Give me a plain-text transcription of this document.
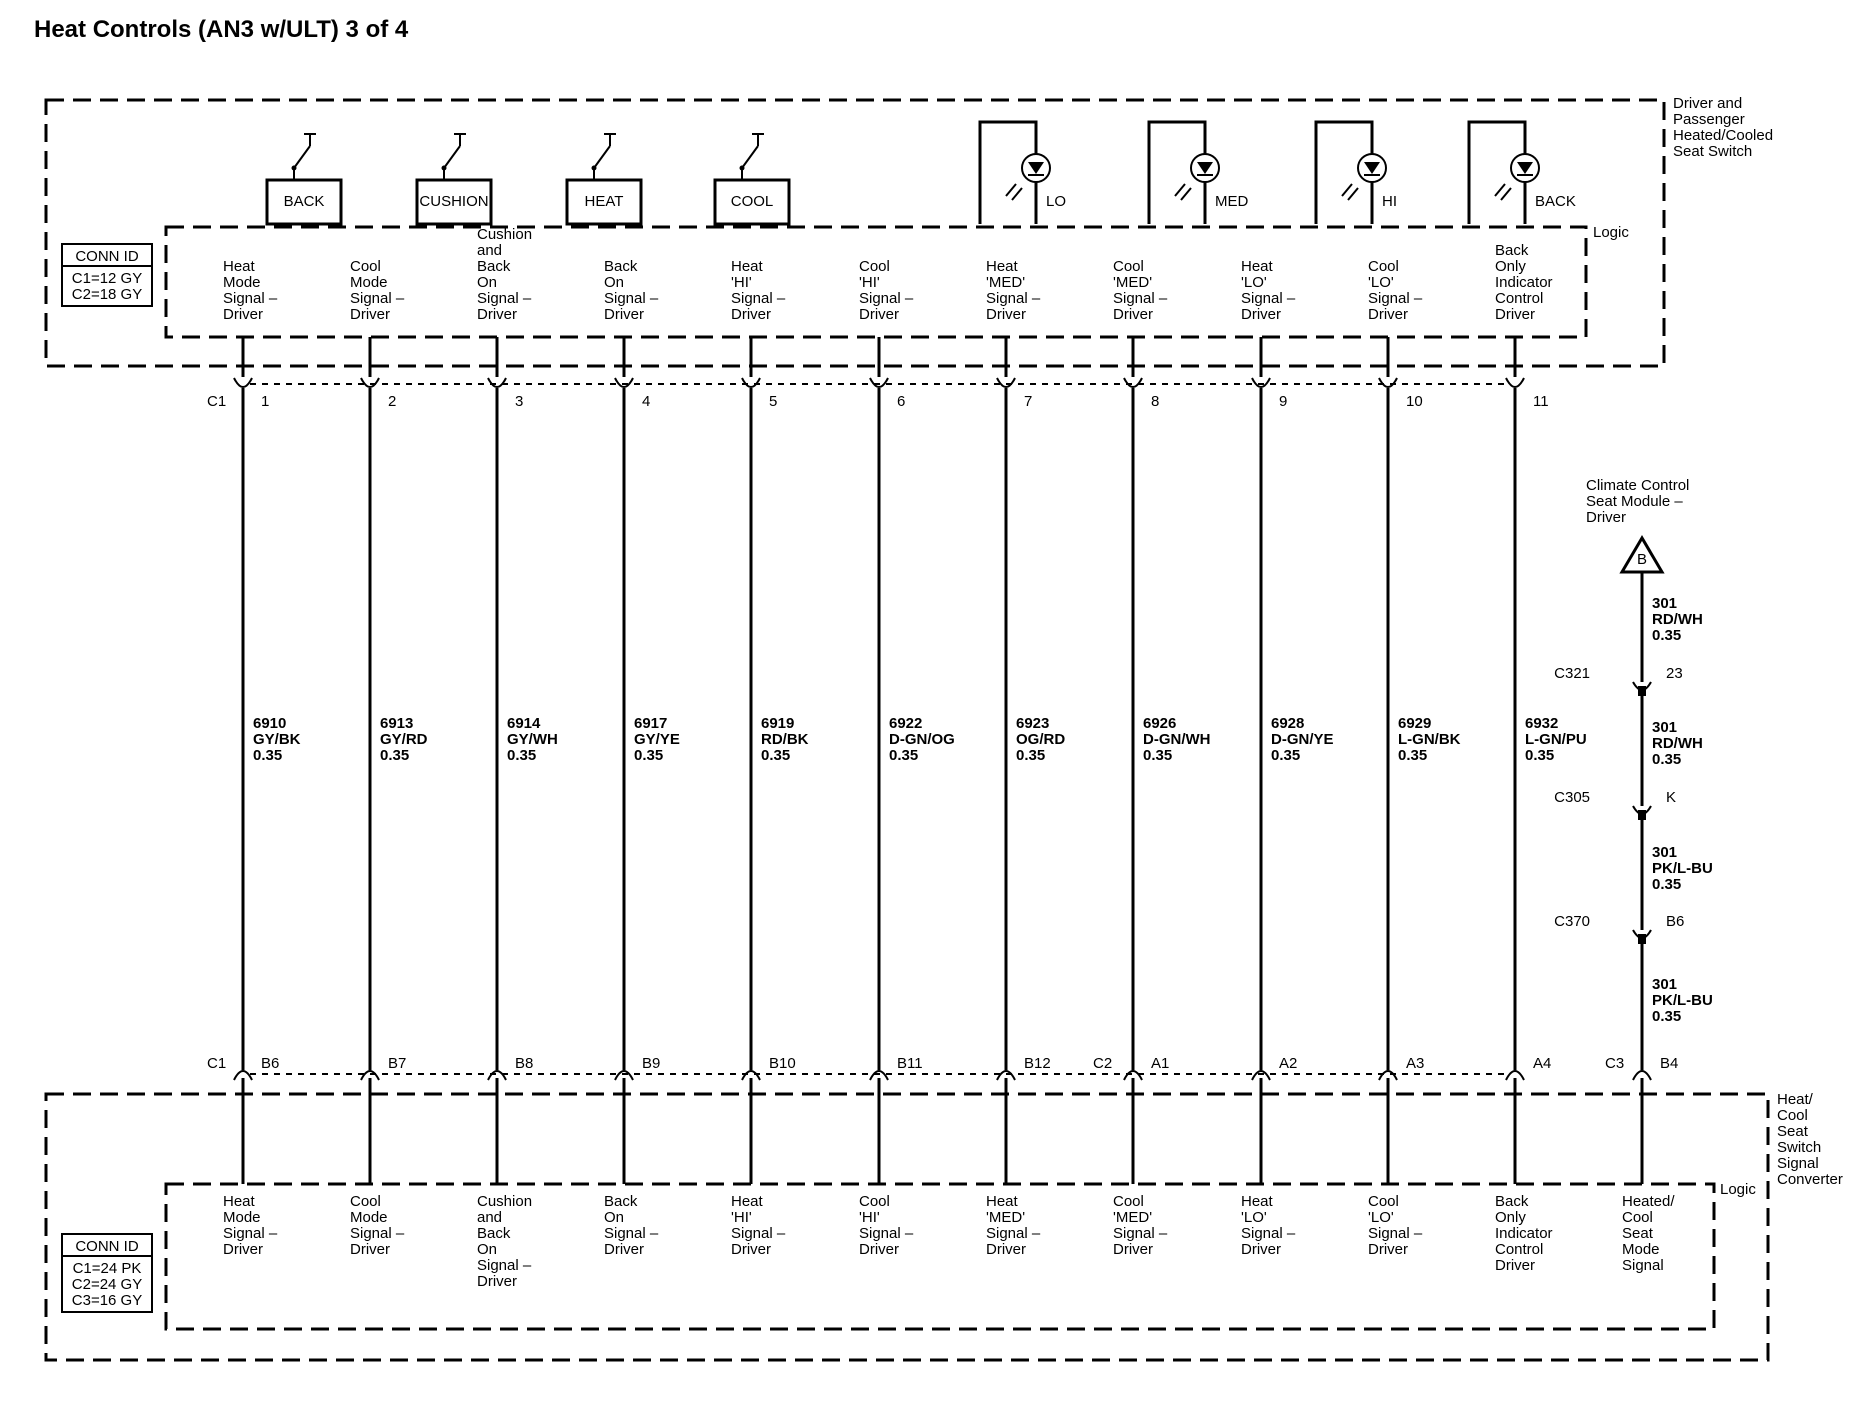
Heat Controls (AN3 w/ULT) 3 of 4
CONN ID
C1=12 GY
C2=18 GY
CONN ID
C1=24 PK
C2=24 GY
C3=16 GY
Logic
Logic
Driver and
Passenger
Heated/Cooled
Seat Switch
Heat/
Cool
Seat
Switch
Signal
Converter
Climate Control
Seat Module –
Driver
BACK	CUSHION	HEAT	COOL	LO	MED	HI	BACK
Heat
Mode
Signal –
Driver
Cool
Mode
Signal –
Driver
Cushion
and
Back
On
Signal –
Driver
Back
On
Signal –
Driver
Heat
'HI'
Signal –
Driver
Cool
'HI'
Signal –
Driver
Heat
'MED'
Signal –
Driver
Cool
'MED'
Signal –
Driver
Heat
'LO'
Signal –
Driver
Cool
'LO'
Signal –
Driver
Back
Only
Indicator
Control
Driver
C1 1	2	3	4	5	6	7	8	9	10	11
6910
GY/BK
0.35
6913
GY/RD
0.35
6914
GY/WH
0.35
6917
GY/YE
0.35
6919
RD/BK
0.35
6922
D-GN/OG
0.35
6923
OG/RD
0.35
6926
D-GN/WH
0.35
6928
D-GN/YE
0.35
6929
L-GN/BK
0.35
6932
L-GN/PU
0.35
B
301
RD/WH
0.35
301
RD/WH
0.35
301
PK/L-BU
0.35
301
PK/L-BU
0.35
C321	23
C305	K
C370	B6
C1	C2	C3
B6	B7	B8	B9	B10	B11	B12	A1	A2	A3	A4	B4
Heat
Mode
Signal –
Driver
Cool
Mode
Signal –
Driver
Cushion
and
Back
On
Signal –
Driver
Back
On
Signal –
Driver
Heat
'HI'
Signal –
Driver
Cool
'HI'
Signal –
Driver
Heat
'MED'
Signal –
Driver
Cool
'MED'
Signal –
Driver
Heat
'LO'
Signal –
Driver
Cool
'LO'
Signal –
Driver
Back
Only
Indicator
Control
Driver
Heated/
Cool
Seat
Mode
Signal
